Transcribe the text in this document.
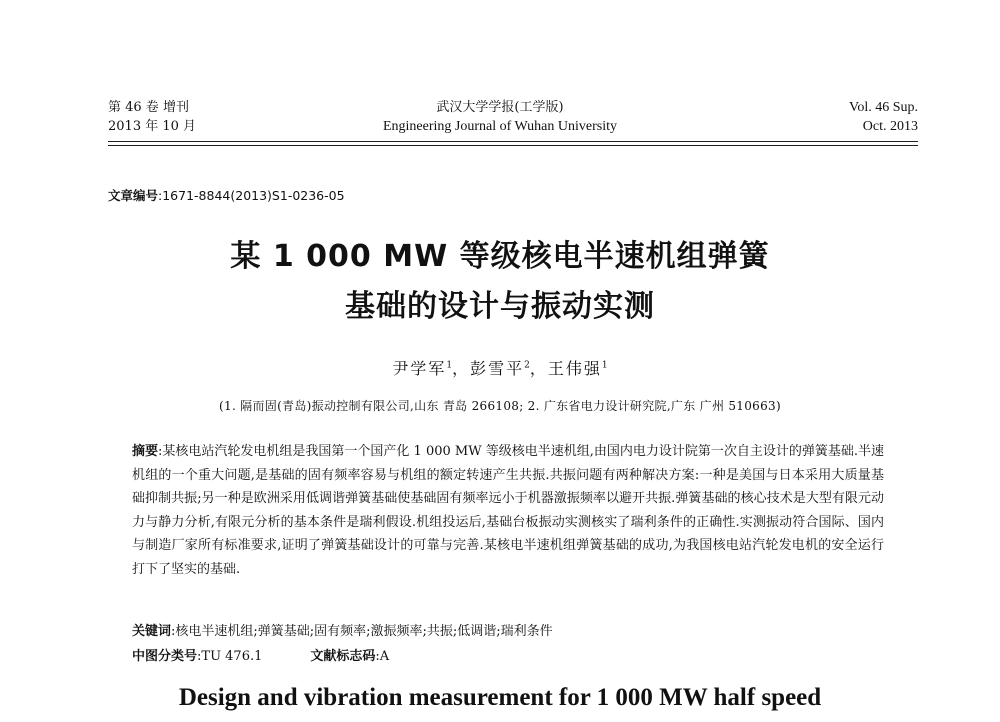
第 46 卷 增刊
2013 年 10 月
武汉大学学报(工学版)
Engineering Journal of Wuhan University
Vol. 46 Sup.
Oct. 2013
文章编号:1671-8844(2013)S1-0236-05
某 1 000 MW 等级核电半速机组弹簧
基础的设计与振动实测
尹学军$^1$，彭雪平$^2$，王伟强$^1$
(1. 隔而固(青岛)振动控制有限公司,山东 青岛 266108; 2. 广东省电力设计研究院,广东 广州 510663)
摘要:某核电站汽轮发电机组是我国第一个国产化 1 000 MW 等级核电半速机组,由国内电力设计院第一次自主设计的弹簧基础.半速机组的一个重大问题,是基础的固有频率容易与机组的额定转速产生共振.共振问题有两种解决方案:一种是美国与日本采用大质量基础抑制共振;另一种是欧洲采用低调谐弹簧基础使基础固有频率远小于机器激振频率以避开共振.弹簧基础的核心技术是大型有限元动力与静力分析,有限元分析的基本条件是瑞利假设.机组投运后,基础台板振动实测核实了瑞利条件的正确性.实测振动符合国际、国内与制造厂家所有标准要求,证明了弹簧基础设计的可靠与完善.某核电半速机组弹簧基础的成功,为我国核电站汽轮发电机的安全运行打下了坚实的基础.
关键词:核电半速机组;弹簧基础;固有频率;激振频率;共振;低调谐;瑞利条件
中图分类号:TU 476.1	文献标志码:A
Design and vibration measurement for 1 000 MW half speed
